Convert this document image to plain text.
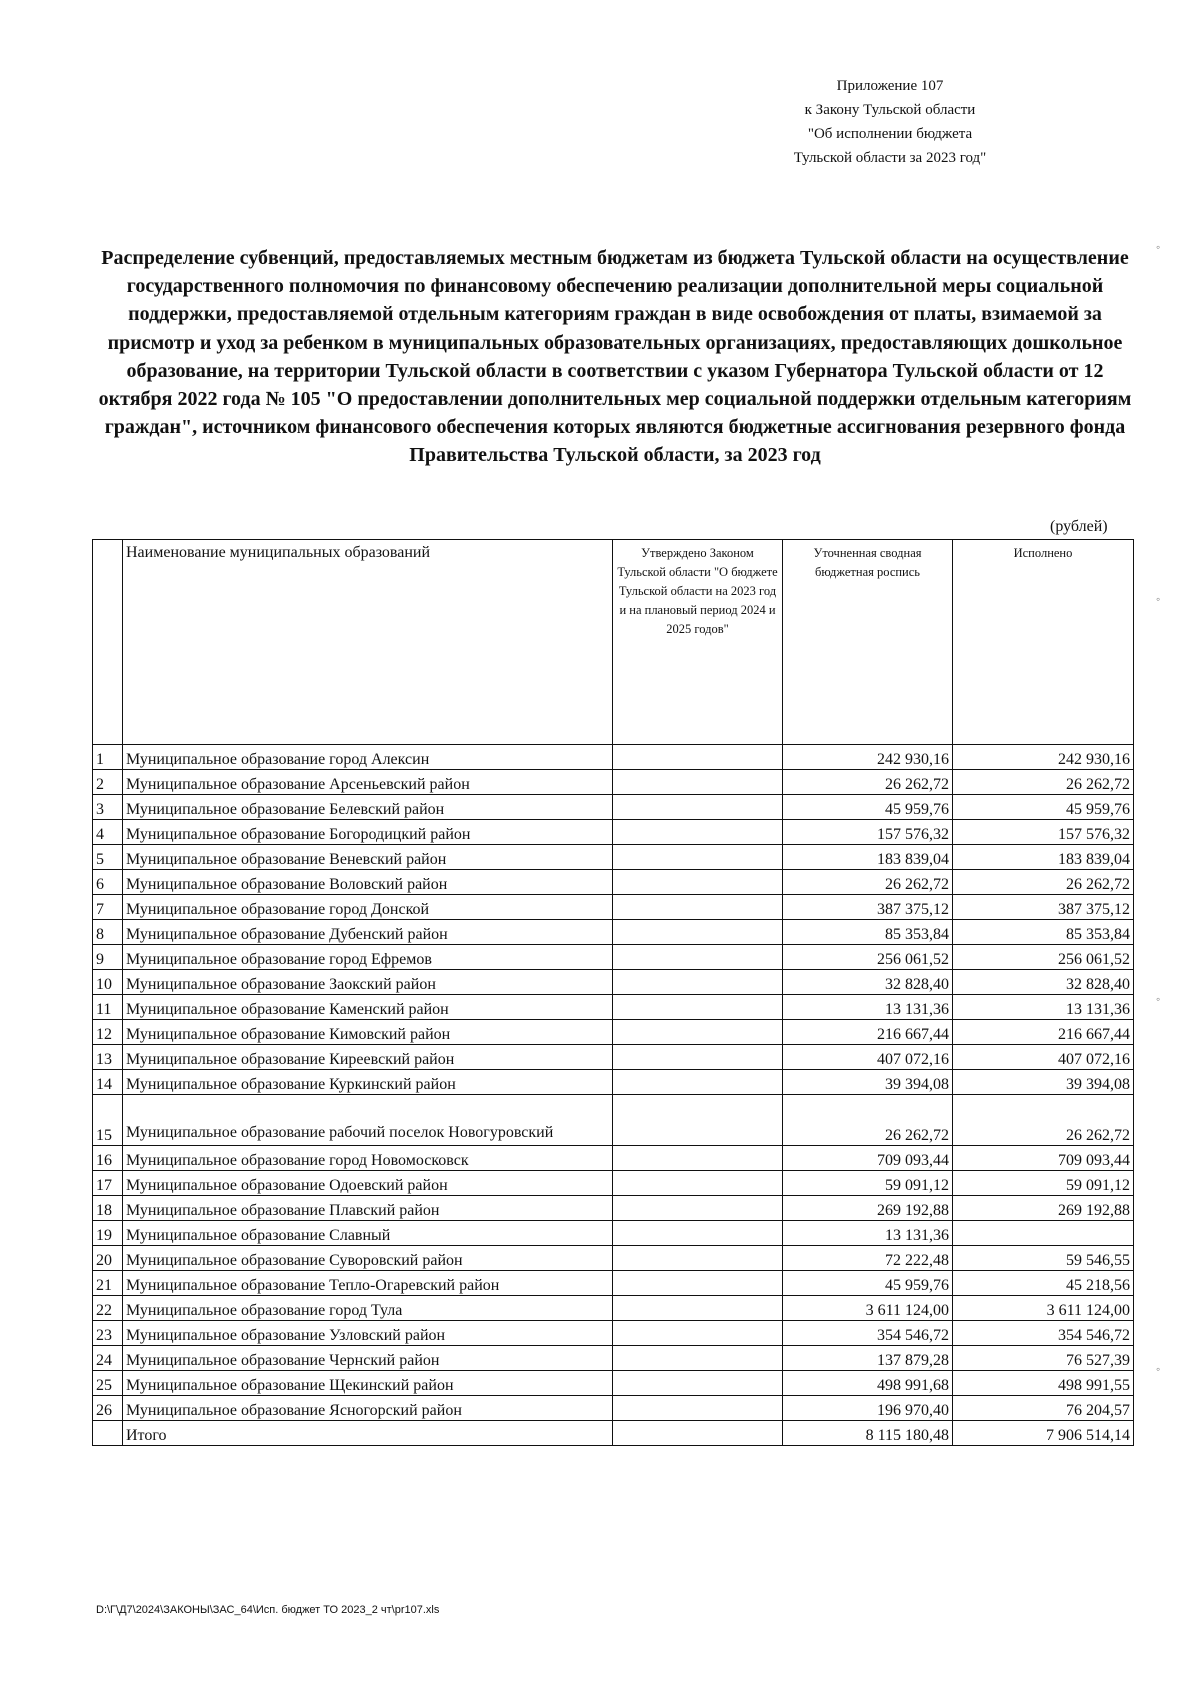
Приложение 107
к Закону Тульской области
"Об исполнении бюджета
Тульской области за 2023 год"
Распределение субвенций, предоставляемых местным бюджетам из бюджета Тульской области на осуществление государственного полномочия по финансовому обеспечению реализации дополнительной меры социальной поддержки, предоставляемой отдельным категориям граждан в виде освобождения от платы, взимаемой за присмотр и уход за ребенком в муниципальных образовательных организациях, предоставляющих дошкольное образование, на территории Тульской области в соответствии с указом Губернатора Тульской области от 12 октября 2022 года № 105 "О предоставлении дополнительных мер социальной поддержки отдельным категориям граждан", источником финансового обеспечения которых являются бюджетные ассигнования резервного фонда Правительства Тульской области, за 2023 год
(рублей)
	Наименование муниципальных образований	Утверждено Законом Тульской области "О бюджете Тульской области на 2023 год и на плановый период 2024 и 2025 годов"	Уточненная сводная бюджетная роспись	Исполнено
1	Муниципальное образование город Алексин		242 930,16	242 930,16
2	Муниципальное образование Арсеньевский район		26 262,72	26 262,72
3	Муниципальное образование Белевский район		45 959,76	45 959,76
4	Муниципальное образование Богородицкий район		157 576,32	157 576,32
5	Муниципальное образование Веневский район		183 839,04	183 839,04
6	Муниципальное образование Воловский район		26 262,72	26 262,72
7	Муниципальное образование город Донской		387 375,12	387 375,12
8	Муниципальное образование Дубенский район		85 353,84	85 353,84
9	Муниципальное образование город Ефремов		256 061,52	256 061,52
10	Муниципальное образование Заокский район		32 828,40	32 828,40
11	Муниципальное образование Каменский район		13 131,36	13 131,36
12	Муниципальное образование Кимовский район		216 667,44	216 667,44
13	Муниципальное образование Киреевский район		407 072,16	407 072,16
14	Муниципальное образование Куркинский район		39 394,08	39 394,08
15	Муниципальное образование рабочий поселок Новогуровский		26 262,72	26 262,72
16	Муниципальное образование город Новомосковск		709 093,44	709 093,44
17	Муниципальное образование Одоевский район		59 091,12	59 091,12
18	Муниципальное образование Плавский район		269 192,88	269 192,88
19	Муниципальное образование Славный		13 131,36	
20	Муниципальное образование Суворовский район		72 222,48	59 546,55
21	Муниципальное образование Тепло-Огаревский район		45 959,76	45 218,56
22	Муниципальное образование город Тула		3 611 124,00	3 611 124,00
23	Муниципальное образование Узловский район		354 546,72	354 546,72
24	Муниципальное образование Чернский район		137 879,28	76 527,39
25	Муниципальное образование Щекинский район		498 991,68	498 991,55
26	Муниципальное образование Ясногорский район		196 970,40	76 204,57
	Итого		8 115 180,48	7 906 514,14
D:\Г\Д7\2024\ЗАКОНЫ\ЗАС_64\Исп. бюджет ТО 2023_2 чт\pr107.xls
◦
◦
◦
◦
